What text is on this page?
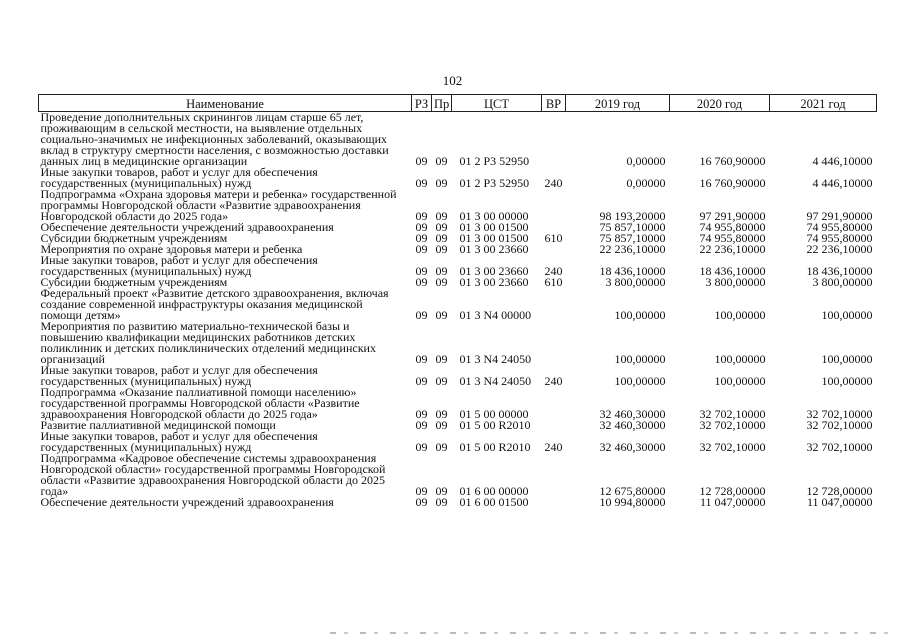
102
Наименование	РЗ	Пр	ЦСТ	ВР	2019 год	2020 год	2021 год
Проведение дополнительных скринингов лицам старше 65 лет, проживающим в сельской местности, на выявление отдельных социально-значимых не инфекционных заболеваний, оказывающих вклад в структуру смертности населения, с возможностью доставки данных лиц в медицинские организации	09	09	01 2 Р3 52950		0,00000	16 760,90000	4 446,10000
Иные закупки товаров, работ и услуг для обеспечения государственных (муниципальных) нужд	09	09	01 2 Р3 52950	240	0,00000	16 760,90000	4 446,10000
Подпрограмма «Охрана здоровья матери и ребенка» государственной программы Новгородской области «Развитие здравоохранения Новгородской области до 2025 года»	09	09	01 3 00 00000		98 193,20000	97 291,90000	97 291,90000
Обеспечение деятельности учреждений здравоохранения	09	09	01 3 00 01500		75 857,10000	74 955,80000	74 955,80000
Субсидии бюджетным учреждениям	09	09	01 3 00 01500	610	75 857,10000	74 955,80000	74 955,80000
Мероприятия по охране здоровья матери и ребенка	09	09	01 3 00 23660		22 236,10000	22 236,10000	22 236,10000
Иные закупки товаров, работ и услуг для обеспечения государственных (муниципальных) нужд	09	09	01 3 00 23660	240	18 436,10000	18 436,10000	18 436,10000
Субсидии бюджетным учреждениям	09	09	01 3 00 23660	610	3 800,00000	3 800,00000	3 800,00000
Федеральный проект «Развитие детского здравоохранения, включая создание современной инфраструктуры оказания медицинской помощи детям»	09	09	01 3 N4 00000		100,00000	100,00000	100,00000
Мероприятия по развитию материально-технической базы и повышению квалификации медицинских работников детских поликлиник и детских поликлинических отделений медицинских организаций	09	09	01 3 N4 24050		100,00000	100,00000	100,00000
Иные закупки товаров, работ и услуг для обеспечения государственных (муниципальных) нужд	09	09	01 3 N4 24050	240	100,00000	100,00000	100,00000
Подпрограмма «Оказание паллиативной помощи населению» государственной программы Новгородской области «Развитие здравоохранения Новгородской области до 2025 года»	09	09	01 5 00 00000		32 460,30000	32 702,10000	32 702,10000
Развитие паллиативной медицинской помощи	09	09	01 5 00 R2010		32 460,30000	32 702,10000	32 702,10000
Иные закупки товаров, работ и услуг для обеспечения государственных (муниципальных) нужд	09	09	01 5 00 R2010	240	32 460,30000	32 702,10000	32 702,10000
Подпрограмма «Кадровое обеспечение системы здравоохранения Новгородской области» государственной программы Новгородской области «Развитие здравоохранения Новгородской области до 2025 года»	09	09	01 6 00 00000		12 675,80000	12 728,00000	12 728,00000
Обеспечение деятельности учреждений здравоохранения	09	09	01 6 00 01500		10 994,80000	11 047,00000	11 047,00000
